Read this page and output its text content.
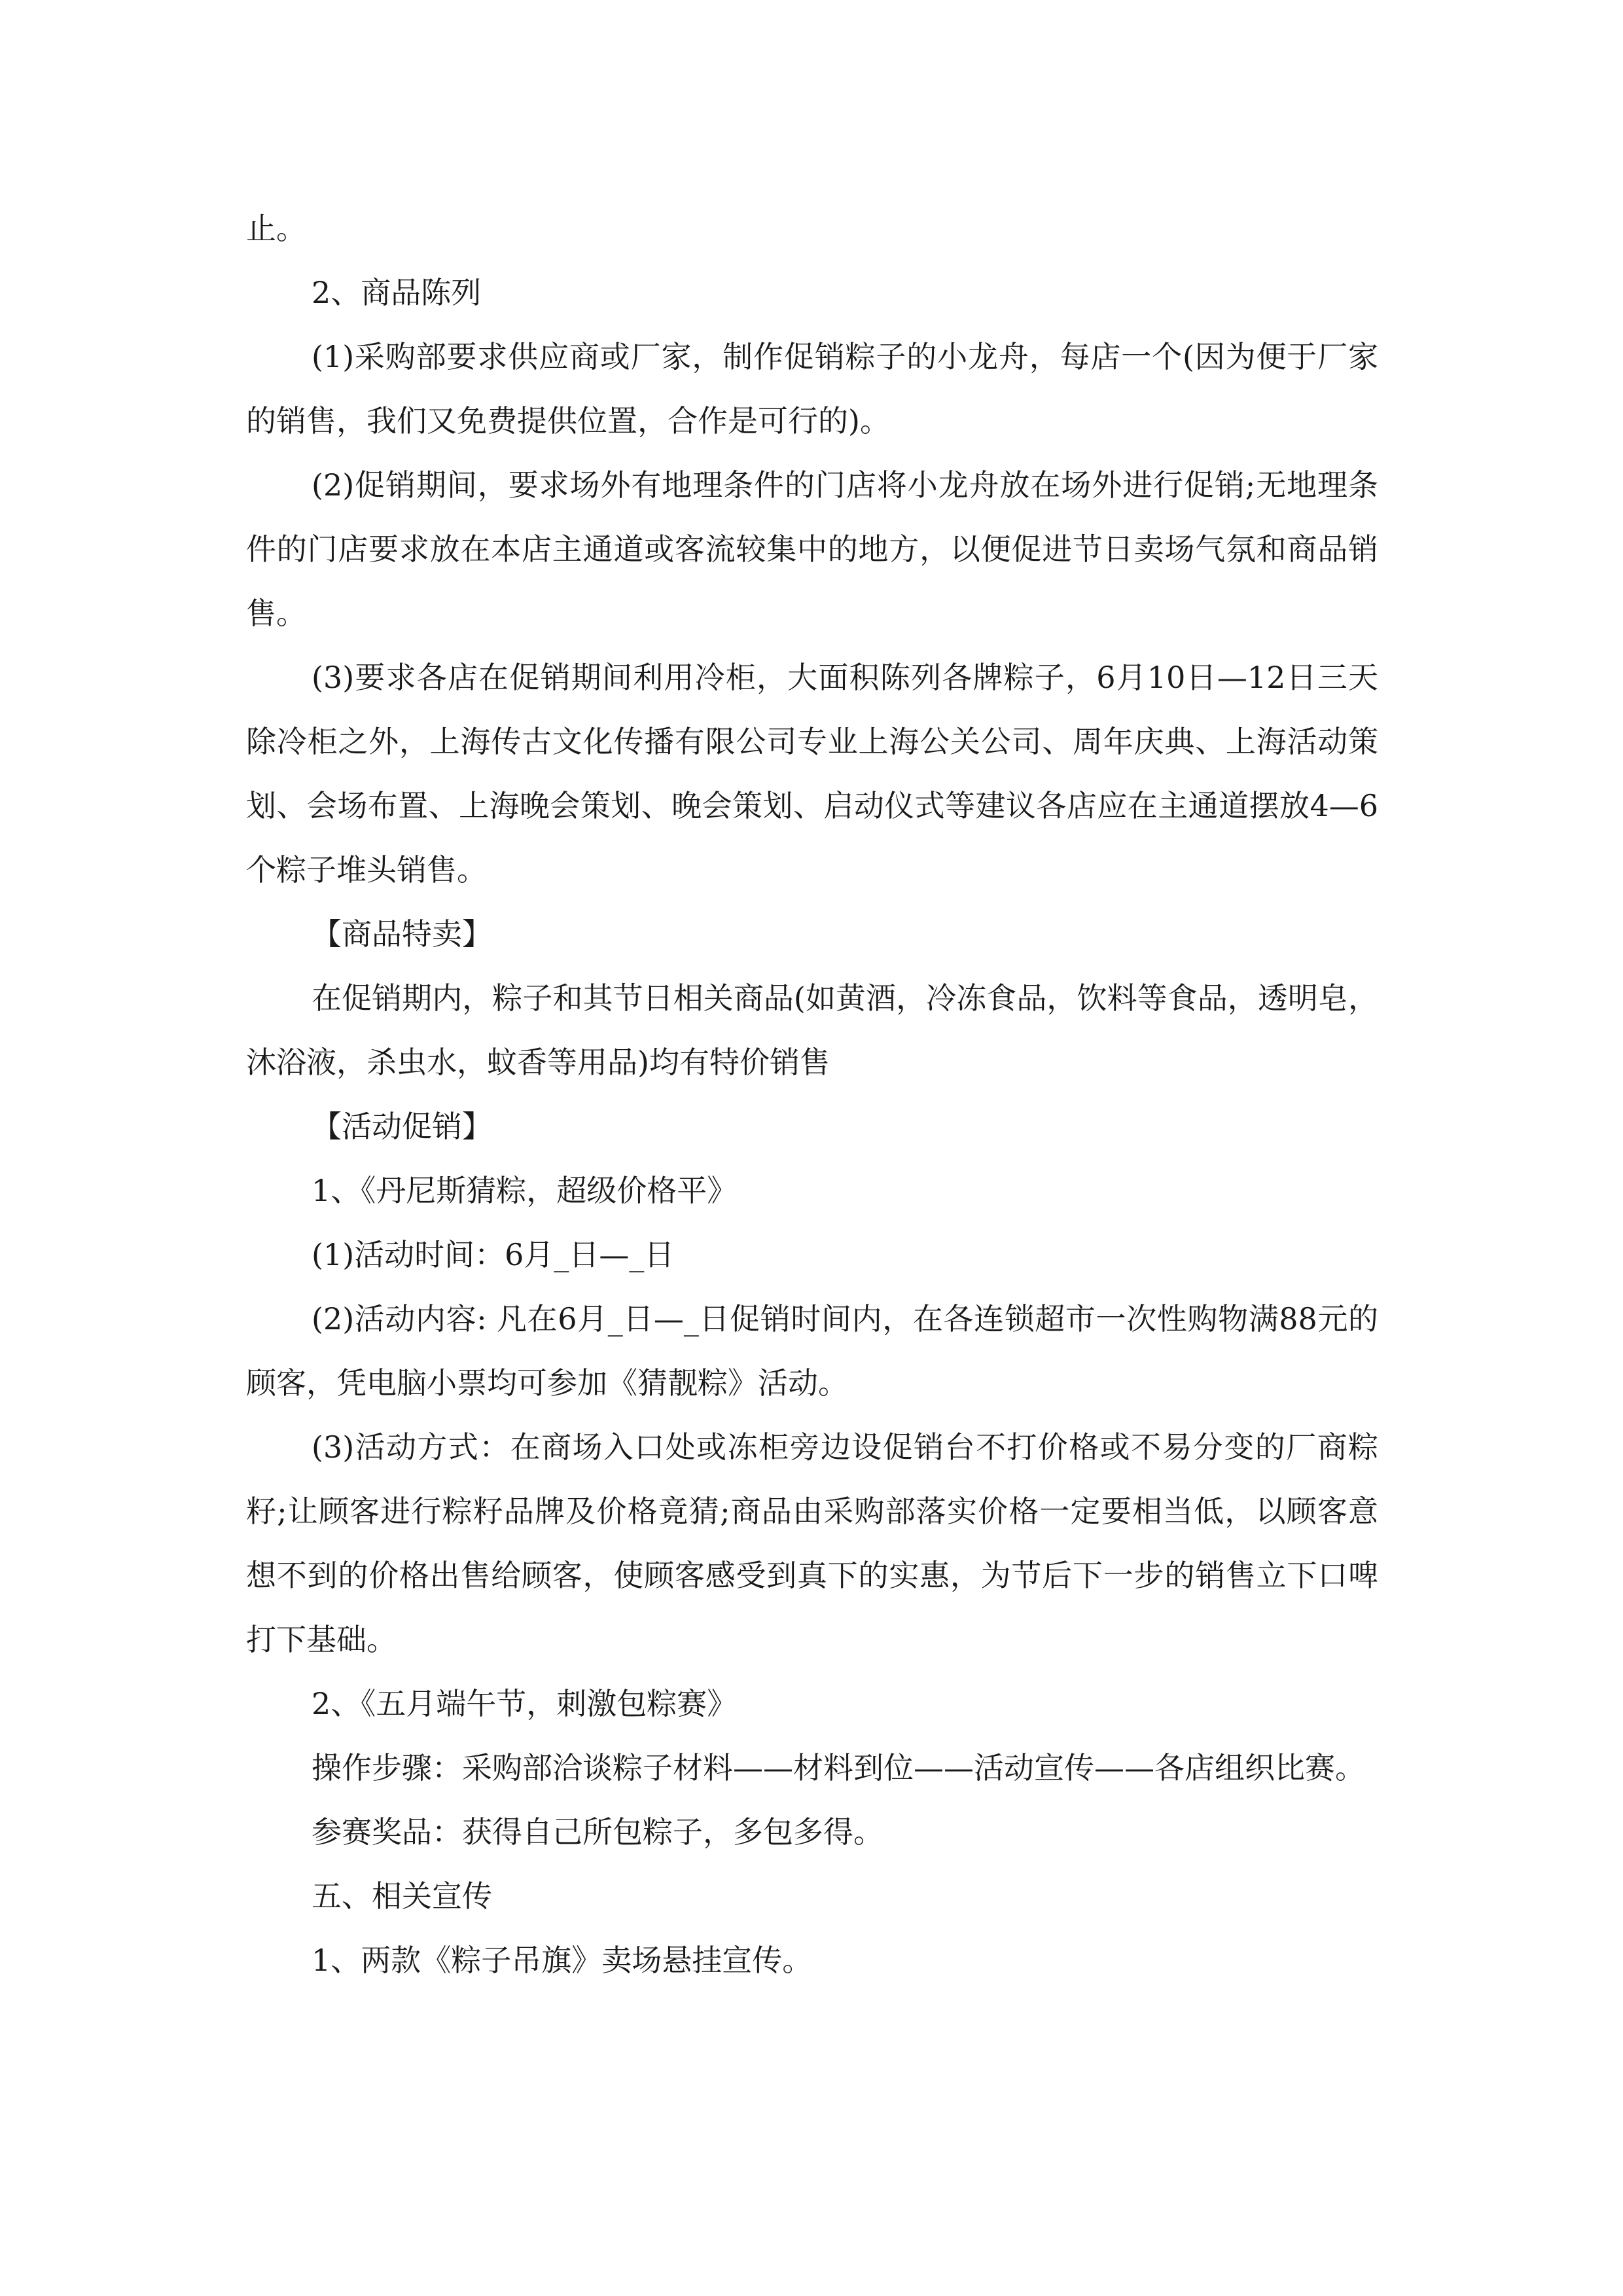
止。

2、商品陈列

(1)采购部要求供应商或厂家，制作促销粽子的小龙舟，每店一个(因为便于厂家的销售，我们又免费提供位置，合作是可行的)。

(2)促销期间，要求场外有地理条件的门店将小龙舟放在场外进行促销;无地理条件的门店要求放在本店主通道或客流较集中的地方，以便促进节日卖场气氛和商品销售。

(3)要求各店在促销期间利用冷柜，大面积陈列各牌粽子，6月10日—12日三天除冷柜之外，上海传古文化传播有限公司专业上海公关公司、周年庆典、上海活动策划、会场布置、上海晚会策划、晚会策划、启动仪式等建议各店应在主通道摆放4—6个粽子堆头销售。

【商品特卖】

在促销期内，粽子和其节日相关商品(如黄酒，冷冻食品，饮料等食品，透明皂，沐浴液，杀虫水，蚊香等用品)均有特价销售

【活动促销】

1、《丹尼斯猜粽，超级价格平》

(1)活动时间：6月_日—_日

(2)活动内容: 凡在6月_日—_日促销时间内，在各连锁超市一次性购物满88元的顾客，凭电脑小票均可参加《猜靓粽》活动。

(3)活动方式：在商场入口处或冻柜旁边设促销台不打价格或不易分变的厂商粽籽;让顾客进行粽籽品牌及价格竟猜;商品由采购部落实价格一定要相当低，以顾客意想不到的价格出售给顾客，使顾客感受到真下的实惠，为节后下一步的销售立下口啤打下基础。

2、《五月端午节，刺激包粽赛》

操作步骤：采购部洽谈粽子材料——材料到位——活动宣传——各店组织比赛。

参赛奖品：获得自己所包粽子，多包多得。

五、相关宣传

1、两款《粽子吊旗》卖场悬挂宣传。
